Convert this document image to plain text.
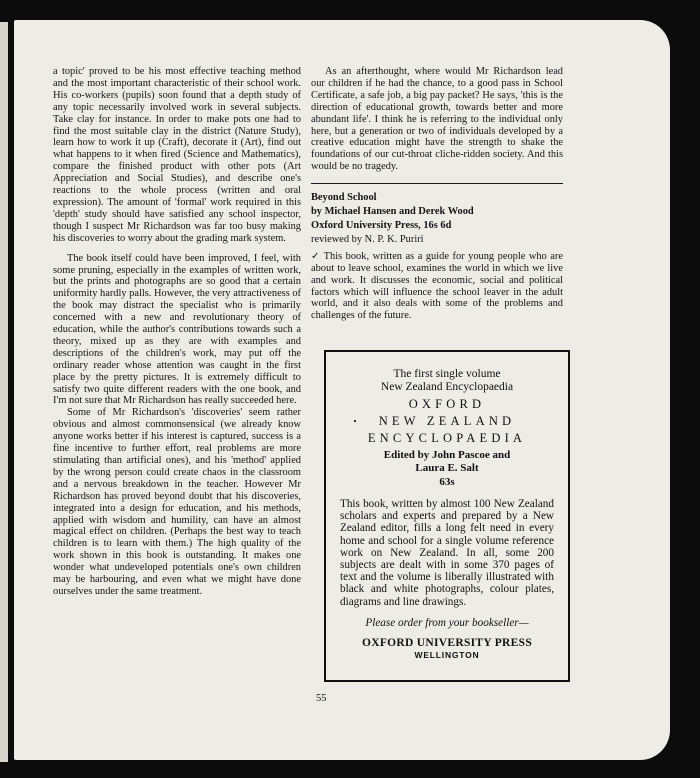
a topic' proved to be his most effective teaching method and the most important characteristic of their school work. His co-workers (pupils) soon found that a depth study of any topic necessarily involved work in several subjects. Take clay for instance. In order to make pots one had to find the most suitable clay in the district (Nature Study), learn how to work it up (Craft), decorate it (Art), find out what happens to it when fired (Science and Mathematics), compare the finished product with other pots (Art Appreciation and Social Studies), and describe one's reactions to the whole process (written and oral expression). The amount of 'formal' work required in this 'depth' study should have satisfied any school inspector, though I suspect Mr Richardson was far too busy making his discoveries to worry about the grading mark system.

The book itself could have been improved, I feel, with some pruning, especially in the examples of written work, but the prints and photographs are so good that a certain uniformity hardly palls. However, the very attractiveness of the book may distract the specialist who is primarily concerned with a new and revolutionary theory of education, while the author's contributions towards such a theory, mixed up as they are with examples and descriptions of the children's work, may put off the ordinary reader whose attention was caught in the first place by the pretty pictures. It is extremely difficult to satisfy two quite different readers with the one book, and I'm not sure that Mr Richardson has really succeeded here.

Some of Mr Richardson's 'discoveries' seem rather obvious and almost commonsensical (we already know anyone works better if his interest is captured, success is a fine incentive to further effort, real problems are more stimulating than artificial ones), and his 'method' applied by the wrong person could create chaos in the classroom and a nervous breakdown in the teacher. However Mr Richardson has proved beyond doubt that his discoveries, integrated into a design for education, and his methods, applied with wisdom and humility, can have an almost magical effect on children. (Perhaps the best way to teach children is to learn with them.) The high quality of the work shown in this book is outstanding. It makes one wonder what undeveloped potentials one's own children may be harbouring, and even what we might have done ourselves under the same treatment.

As an afterthought, where would Mr Richardson lead our children if he had the chance, to a good pass in School Certificate, a safe job, a big pay packet? He says, 'this is the direction of educational growth, towards better and more abundant life'. I think he is referring to the individual only here, but a generation or two of individuals developed by a creative education might have the strength to shake the foundations of our cut-throat cliche-ridden society. And this would be no tragedy.

Beyond School

by Michael Hansen and Derek Wood

Oxford University Press, 16s 6d

reviewed by N. P. K. Puriri

✓ This book, written as a guide for young people who are about to leave school, examines the world in which we live and work. It discusses the economic, social and political factors which will influence the school leaver in the adult world, and it also deals with some of the problems and challenges of the future.

The first single volume
New Zealand Encyclopaedia
OXFORD
NEW ZEALAND
ENCYCLOPAEDIA
Edited by John Pascoe and
Laura E. Salt
63s
This book, written by almost 100 New Zealand scholars and experts and prepared by a New Zealand editor, fills a long felt need in every home and school for a single volume reference work on New Zealand. In all, some 200 subjects are dealt with in some 370 pages of text and the volume is liberally illustrated with black and white photographs, colour plates, diagrams and line drawings.
Please order from your bookseller—
OXFORD UNIVERSITY PRESS
WELLINGTON
55
